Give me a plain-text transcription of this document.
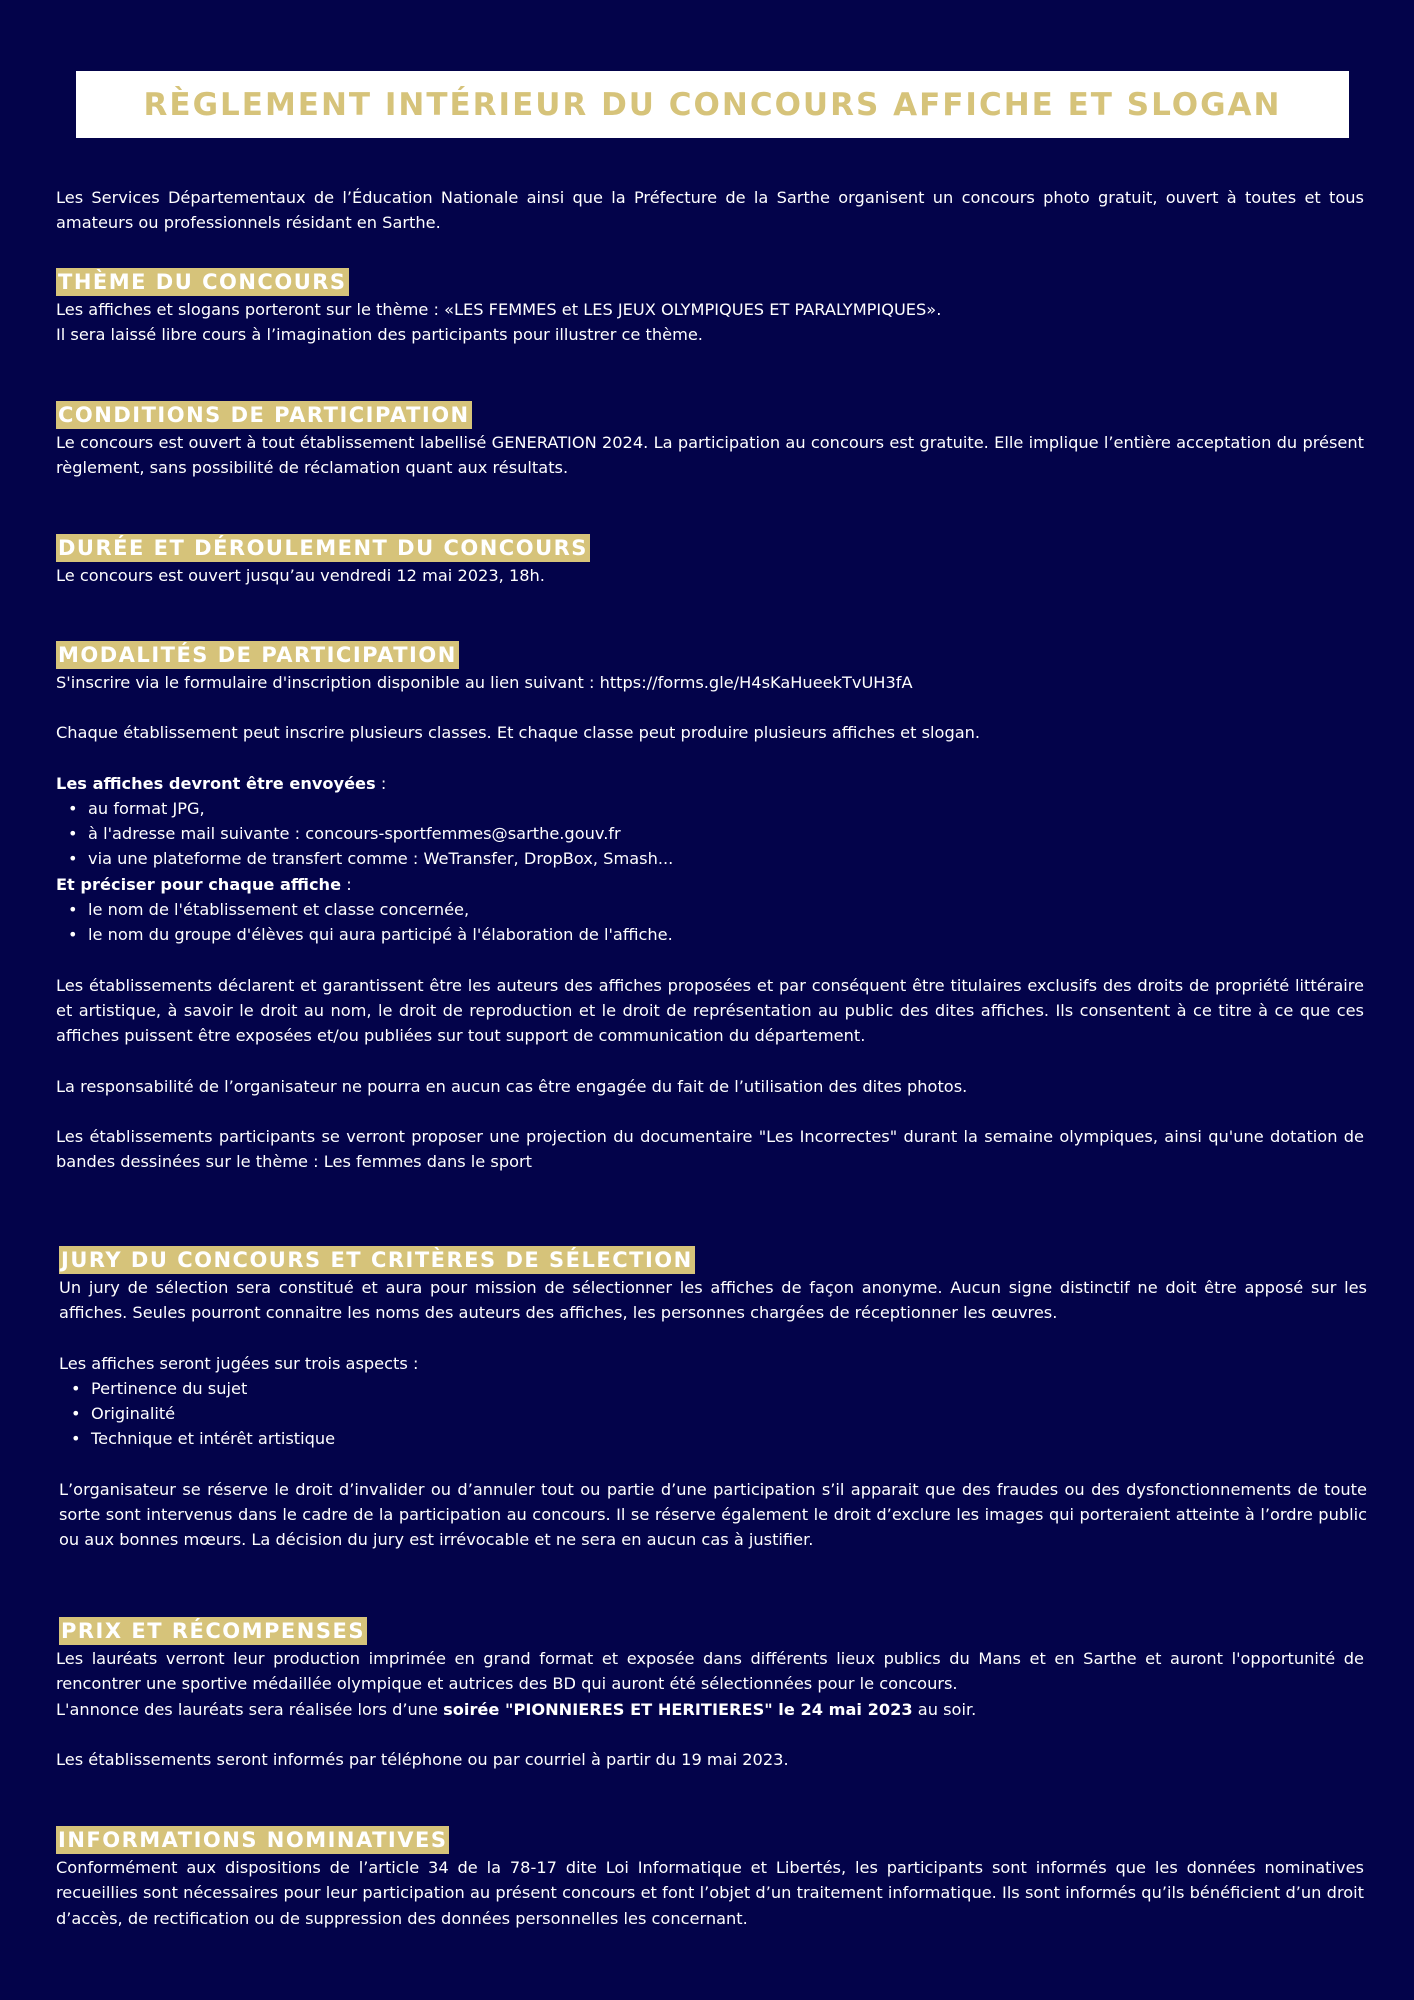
RÈGLEMENT INTÉRIEUR DU CONCOURS AFFICHE ET SLOGAN

Les Services Départementaux de l’Éducation Nationale ainsi que la Préfecture de la Sarthe organisent un concours photo gratuit, ouvert à toutes et tous amateurs ou professionnels résidant en Sarthe.

THÈME DU CONCOURS

Les affiches et slogans porteront sur le thème : «LES FEMMES et LES JEUX OLYMPIQUES ET PARALYMPIQUES».

Il sera laissé libre cours à l’imagination des participants pour illustrer ce thème.

CONDITIONS DE PARTICIPATION

Le concours est ouvert à tout établissement labellisé GENERATION 2024. La participation au concours est gratuite. Elle implique l’entière acceptation du présent règlement, sans possibilité de réclamation quant aux résultats.

DURÉE ET DÉROULEMENT DU CONCOURS

Le concours est ouvert jusqu’au vendredi 12 mai 2023, 18h.

MODALITÉS DE PARTICIPATION

S'inscrire via le formulaire d'inscription disponible au lien suivant : https://forms.gle/H4sKaHueekTvUH3fA

Chaque établissement peut inscrire plusieurs classes. Et chaque classe peut produire plusieurs affiches et slogan.

Les affiches devront être envoyées :

• au format JPG,
• à l'adresse mail suivante : concours-sportfemmes@sarthe.gouv.fr
• via une plateforme de transfert comme : WeTransfer, DropBox, Smash...

Et préciser pour chaque affiche :

• le nom de l'établissement et classe concernée,
• le nom du groupe d'élèves qui aura participé à l'élaboration de l'affiche.

Les établissements déclarent et garantissent être les auteurs des affiches proposées et par conséquent être titulaires exclusifs des droits de propriété littéraire et artistique, à savoir le droit au nom, le droit de reproduction et le droit de représentation au public des dites affiches. Ils consentent à ce titre à ce que ces affiches puissent être exposées et/ou publiées sur tout support de communication du département.

La responsabilité de l’organisateur ne pourra en aucun cas être engagée du fait de l’utilisation des dites photos.

Les établissements participants se verront proposer une projection du documentaire "Les Incorrectes" durant la semaine olympiques, ainsi qu'une dotation de bandes dessinées sur le thème : Les femmes dans le sport

JURY DU CONCOURS ET CRITÈRES DE SÉLECTION

Un jury de sélection sera constitué et aura pour mission de sélectionner les affiches de façon anonyme. Aucun signe distinctif ne doit être apposé sur les affiches. Seules pourront connaitre les noms des auteurs des affiches, les personnes chargées de réceptionner les œuvres.

Les affiches seront jugées sur trois aspects :

• Pertinence du sujet
• Originalité
• Technique et intérêt artistique

L’organisateur se réserve le droit d’invalider ou d’annuler tout ou partie d’une participation s’il apparait que des fraudes ou des dysfonctionnements de toute sorte sont intervenus dans le cadre de la participation au concours. Il se réserve également le droit d’exclure les images qui porteraient atteinte à l’ordre public ou aux bonnes mœurs. La décision du jury est irrévocable et ne sera en aucun cas à justifier.

PRIX ET RÉCOMPENSES

Les lauréats verront leur production imprimée en grand format et exposée dans différents lieux publics du Mans et en Sarthe et auront l'opportunité de rencontrer une sportive médaillée olympique et autrices des BD qui auront été sélectionnées pour le concours.

L'annonce des lauréats sera réalisée lors d’une soirée "PIONNIERES ET HERITIERES" le 24 mai 2023 au soir.

Les établissements seront informés par téléphone ou par courriel à partir du 19 mai 2023.

INFORMATIONS NOMINATIVES

Conformément aux dispositions de l’article 34 de la 78-17 dite Loi Informatique et Libertés, les participants sont informés que les données nominatives recueillies sont nécessaires pour leur participation au présent concours et font l’objet d’un traitement informatique. Ils sont informés qu’ils bénéficient d’un droit d’accès, de rectification ou de suppression des données personnelles les concernant.
